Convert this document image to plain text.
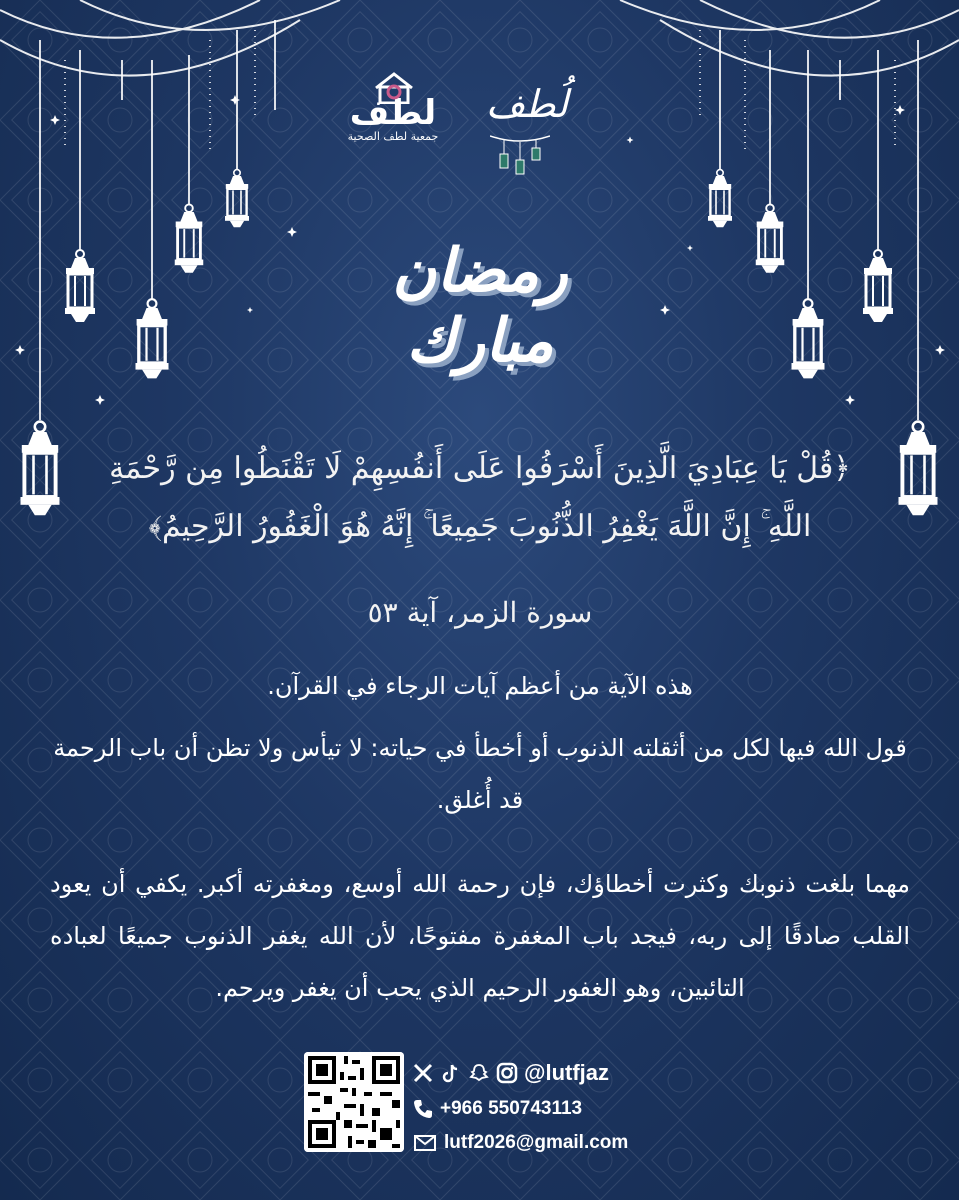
لطف
جمعية لطف الصحية
لُطف
رمضان
مبارك
﴿قُلْ يَا عِبَادِيَ الَّذِينَ أَسْرَفُوا عَلَى أَنفُسِهِمْ لَا تَقْنَطُوا مِن رَّحْمَةِ
اللَّهِ ۚ إِنَّ اللَّهَ يَغْفِرُ الذُّنُوبَ جَمِيعًا ۚ إِنَّهُ هُوَ الْغَفُورُ الرَّحِيمُ﴾
سورة الزمر، آية ٥٣
هذه الآية من أعظم آيات الرجاء في القرآن.
قول الله فيها لكل من أثقلته الذنوب أو أخطأ في حياته: لا تيأس ولا تظن أن باب الرحمة قد أُغلق.
مهما بلغت ذنوبك وكثرت أخطاؤك، فإن رحمة الله أوسع، ومغفرته أكبر. يكفي أن يعود القلب صادقًا إلى ربه، فيجد باب المغفرة مفتوحًا، لأن الله يغفر الذنوب جميعًا لعباده التائبين، وهو الغفور الرحيم الذي يحب أن يغفر ويرحم.
@lutfjaz
+966 550743113
lutf2026@gmail.com
